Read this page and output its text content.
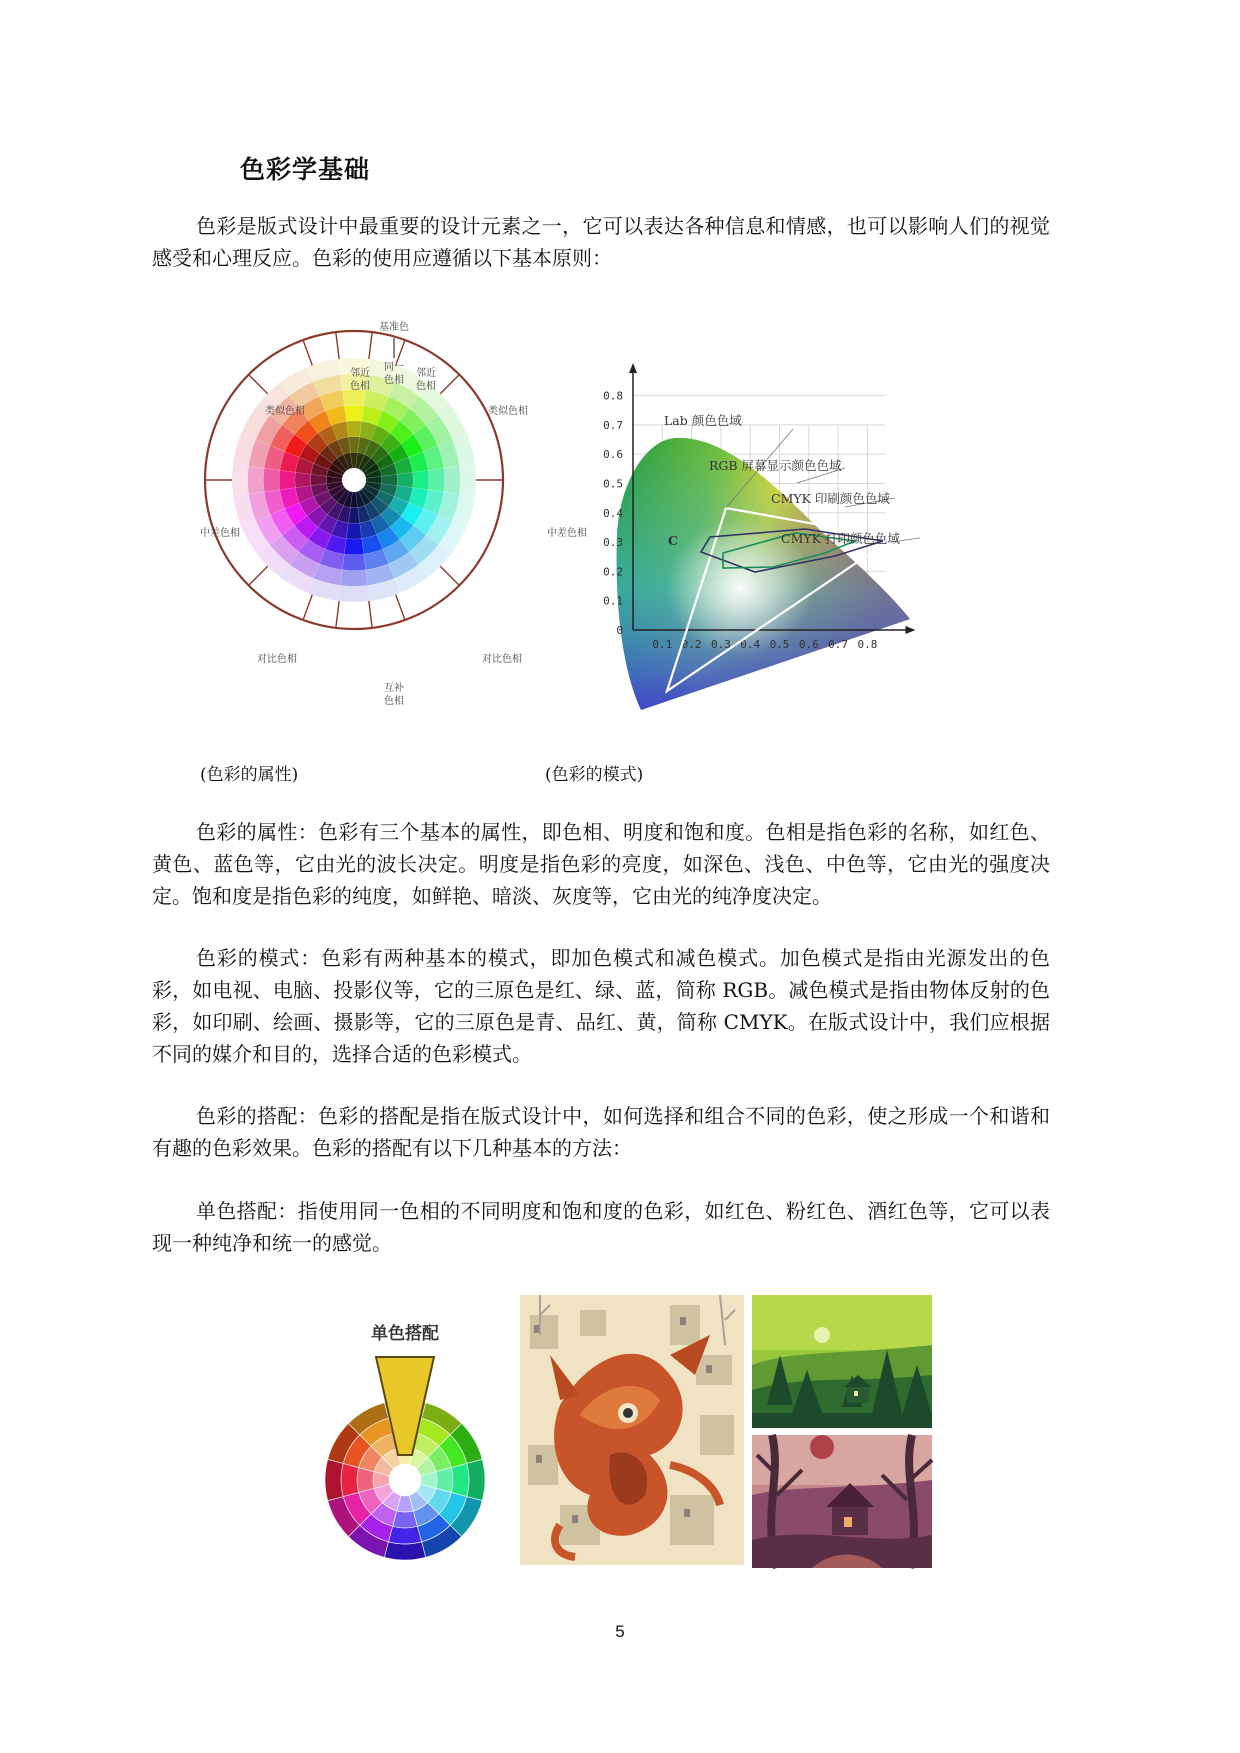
色彩学基础

色彩是版式设计中最重要的设计元素之一，它可以表达各种信息和情感，也可以影响人们的视觉感受和心理反应。色彩的使用应遵循以下基本原则：

基准色
同一
色相
邻近
色相
邻近
色相
类似色相	类似色相
中差色相	中差色相
对比色相	对比色相
互补
色相
0.8
0.7
0.6
0.5
0.4
0.3
0.2
0.1
0
0.1 0.2 0.3 0.4 0.5 0.6 0.7 0.8
Lab 颜色色域
RGB 屏幕显示颜色色域
CMYK 印刷颜色色域
CMYK 打印颜色色域
C
(色彩的属性)	(色彩的模式)

色彩的属性：色彩有三个基本的属性，即色相、明度和饱和度。色相是指色彩的名称，如红色、黄色、蓝色等，它由光的波长决定。明度是指色彩的亮度，如深色、浅色、中色等，它由光的强度决定。饱和度是指色彩的纯度，如鲜艳、暗淡、灰度等，它由光的纯净度决定。

色彩的模式：色彩有两种基本的模式，即加色模式和减色模式。加色模式是指由光源发出的色彩，如电视、电脑、投影仪等，它的三原色是红、绿、蓝，简称 RGB。减色模式是指由物体反射的色彩，如印刷、绘画、摄影等，它的三原色是青、品红、黄，简称 CMYK。在版式设计中，我们应根据不同的媒介和目的，选择合适的色彩模式。

色彩的搭配：色彩的搭配是指在版式设计中，如何选择和组合不同的色彩，使之形成一个和谐和有趣的色彩效果。色彩的搭配有以下几种基本的方法：

单色搭配：指使用同一色相的不同明度和饱和度的色彩，如红色、粉红色、酒红色等，它可以表现一种纯净和统一的感觉。

单色搭配
5
